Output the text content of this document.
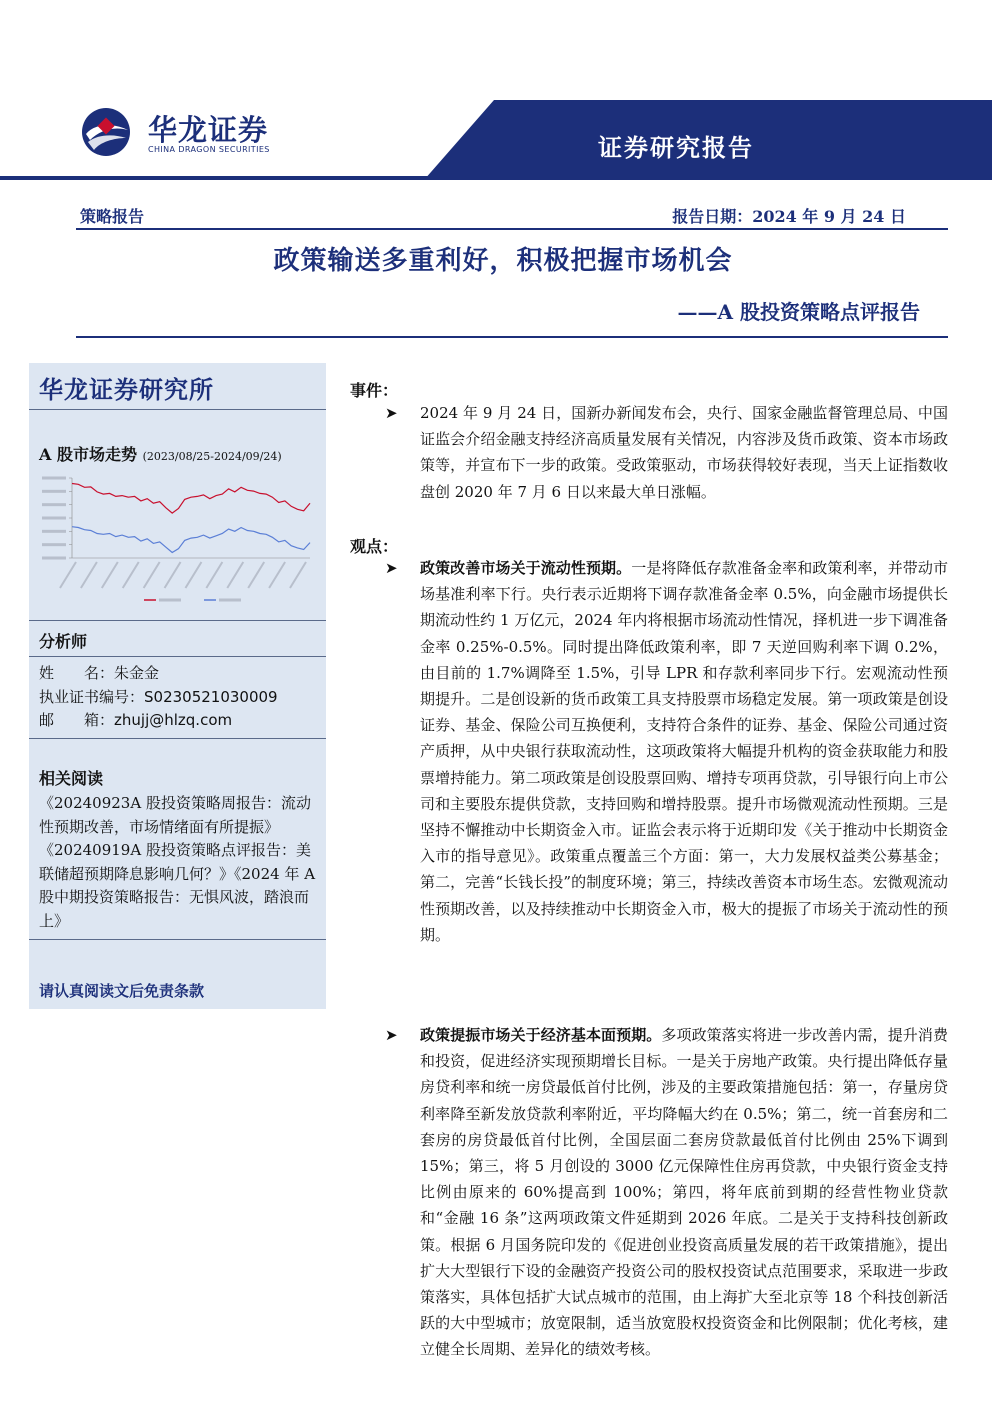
华龙证券
CHINA DRAGON SECURITIES	证券研究报告
策略报告	报告日期：2024 年 9 月 24 日
政策输送多重利好，积极把握市场机会
——A 股投资策略点评报告
华龙证券研究所
A 股市场走势 (2023/08/25-2024/09/24)
分析师
姓　　名：朱金金
执业证书编号：S0230521030009
邮　　箱：zhujj@hlzq.com
相关阅读
《20240923A 股投资策略周报告：流动性预期改善，市场情绪面有所提振》《20240919A 股投资策略点评报告：美联储超预期降息影响几何？》《2024 年 A 股中期投资策略报告：无惧风波，踏浪而上》
请认真阅读文后免责条款
事件：
➤ 2024 年 9 月 24 日，国新办新闻发布会，央行、国家金融监督管理总局、中国证监会介绍金融支持经济高质量发展有关情况，内容涉及货币政策、资本市场政策等，并宣布下一步的政策。受政策驱动，市场获得较好表现，当天上证指数收盘创 2020 年 7 月 6 日以来最大单日涨幅。
观点：
➤ 政策改善市场关于流动性预期。一是将降低存款准备金率和政策利率，并带动市场基准利率下行。央行表示近期将下调存款准备金率 0.5%，向金融市场提供长期流动性约 1 万亿元，2024 年内将根据市场流动性情况，择机进一步下调准备金率 0.25%-0.5%。同时提出降低政策利率，即 7 天逆回购利率下调 0.2%，由目前的 1.7%调降至 1.5%，引导 LPR 和存款利率同步下行。宏观流动性预期提升。二是创设新的货币政策工具支持股票市场稳定发展。第一项政策是创设证券、基金、保险公司互换便利，支持符合条件的证券、基金、保险公司通过资产质押，从中央银行获取流动性，这项政策将大幅提升机构的资金获取能力和股票增持能力。第二项政策是创设股票回购、增持专项再贷款，引导银行向上市公司和主要股东提供贷款，支持回购和增持股票。提升市场微观流动性预期。三是坚持不懈推动中长期资金入市。证监会表示将于近期印发《关于推动中长期资金入市的指导意见》。政策重点覆盖三个方面：第一，大力发展权益类公募基金；第二，完善“长钱长投”的制度环境；第三，持续改善资本市场生态。宏微观流动性预期改善，以及持续推动中长期资金入市，极大的提振了市场关于流动性的预期。
➤ 政策提振市场关于经济基本面预期。多项政策落实将进一步改善内需，提升消费和投资，促进经济实现预期增长目标。一是关于房地产政策。央行提出降低存量房贷利率和统一房贷最低首付比例，涉及的主要政策措施包括：第一，存量房贷利率降至新发放贷款利率附近，平均降幅大约在 0.5%；第二，统一首套房和二套房的房贷最低首付比例，全国层面二套房贷款最低首付比例由 25%下调到 15%；第三，将 5 月创设的 3000 亿元保障性住房再贷款，中央银行资金支持比例由原来的 60%提高到 100%；第四，将年底前到期的经营性物业贷款和“金融 16 条”这两项政策文件延期到 2026 年底。二是关于支持科技创新政策。根据 6 月国务院印发的《促进创业投资高质量发展的若干政策措施》，提出扩大大型银行下设的金融资产投资公司的股权投资试点范围要求，采取进一步政策落实，具体包括扩大试点城市的范围，由上海扩大至北京等 18 个科技创新活跃的大中型城市；放宽限制，适当放宽股权投资资金和比例限制；优化考核，建立健全长周期、差异化的绩效考核。
